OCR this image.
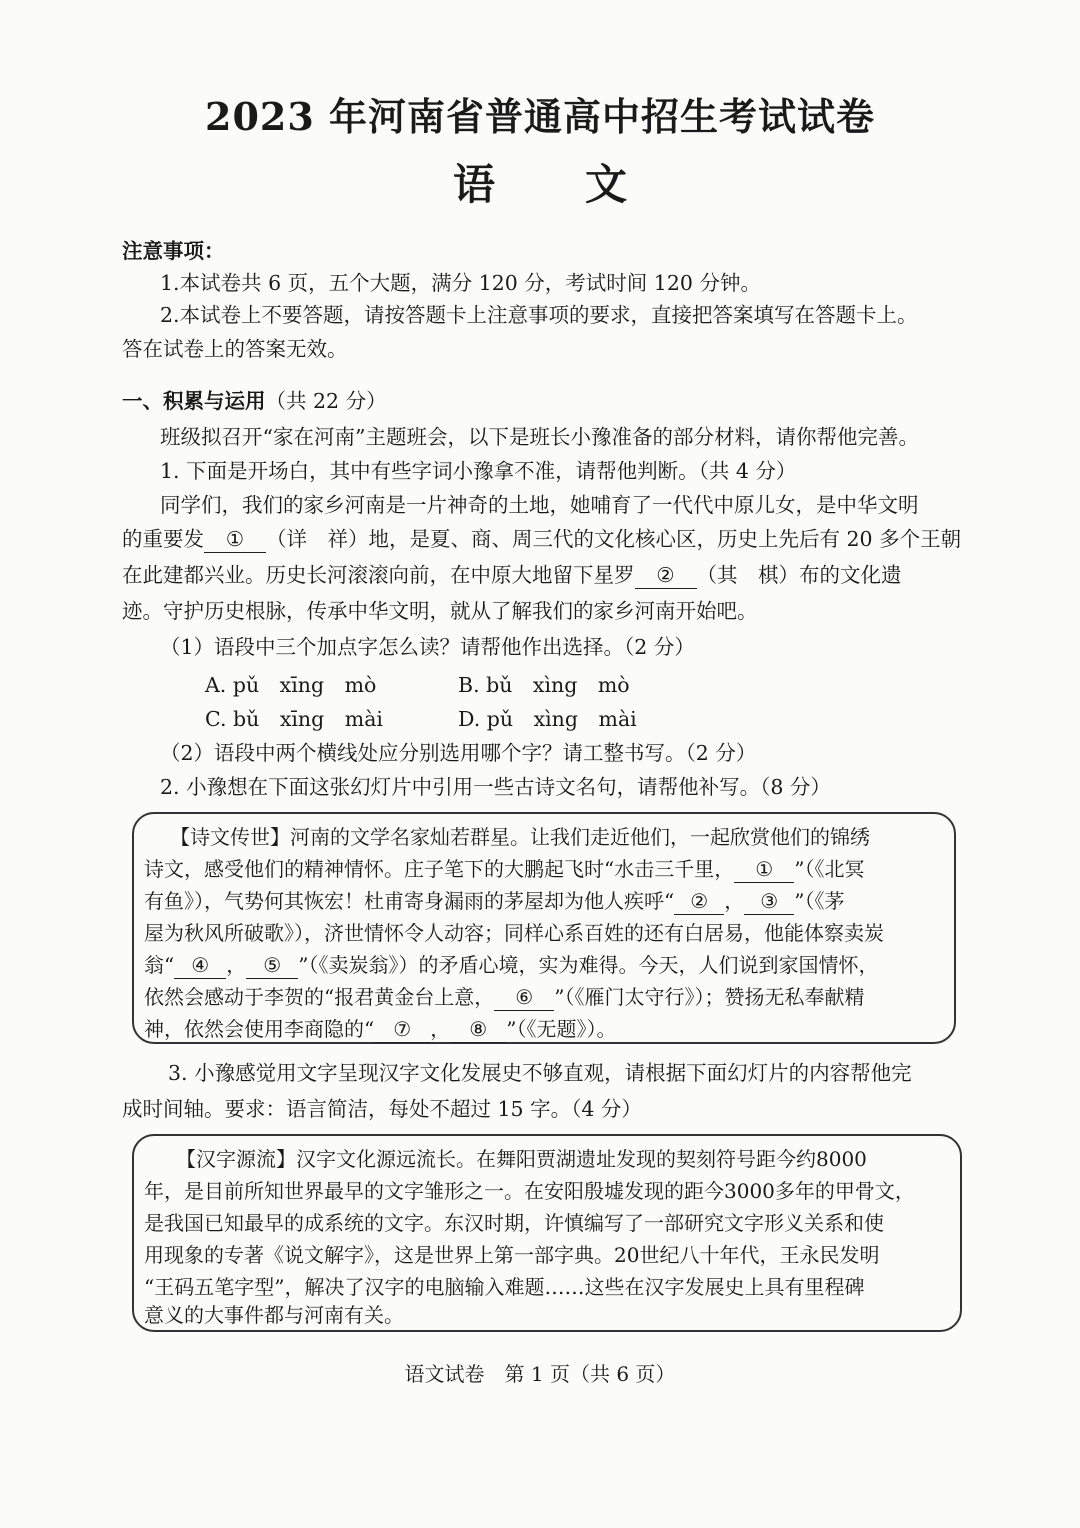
2023 年河南省普通高中招生考试试卷
语文
注意事项：
1.本试卷共 6 页，五个大题，满分 120 分，考试时间 120 分钟。
2.本试卷上不要答题，请按答题卡上注意事项的要求，直接把答案填写在答题卡上。
答在试卷上的答案无效。
一、积累与运用（共 22 分）
班级拟召开“家在河南”主题班会，以下是班长小豫准备的部分材料，请你帮他完善。
1. 下面是开场白，其中有些字词小豫拿不准，请帮他判断。（共 4 分）
同学们，我们的家乡河南是一片神奇的土地，她哺育了一代代中原儿女，是中华文明
的重要发 ① （详　祥）地，是夏、商、周三代的文化核心区，历史上先后有 20 多个王朝
在此建都兴业。历史长河滚滚向前，在中原大地留下星罗 ② （其　棋）布的文化遗
迹。守护历史根脉，传承中华文明，就从了解我们的家乡河南开始吧。
（1）语段中三个加点字怎么读？请帮他作出选择。（2 分）
A. pǔ　xīng　mò	B. bǔ　xìng　mò
C. bǔ　xīng　mài	D. pǔ　xìng　mài
（2）语段中两个横线处应分别选用哪个字？请工整书写。（2 分）
2. 小豫想在下面这张幻灯片中引用一些古诗文名句，请帮他补写。（8 分）
【诗文传世】河南的文学名家灿若群星。让我们走近他们，一起欣赏他们的锦绣
诗文，感受他们的精神情怀。庄子笔下的大鹏起飞时“水击三千里， ① ”（《北冥
有鱼》），气势何其恢宏！杜甫寄身漏雨的茅屋却为他人疾呼“ ② ， ③ ”（《茅
屋为秋风所破歌》），济世情怀令人动容；同样心系百姓的还有白居易，他能体察卖炭
翁“ ④ ， ⑤ ”（《卖炭翁》）的矛盾心境，实为难得。今天，人们说到家国情怀，
依然会感动于李贺的“报君黄金台上意， ⑥ ”（《雁门太守行》）；赞扬无私奉献精
神，依然会使用李商隐的“ ⑦ ， ⑧ ”（《无题》）。
3. 小豫感觉用文字呈现汉字文化发展史不够直观，请根据下面幻灯片的内容帮他完
成时间轴。要求：语言简洁，每处不超过 15 字。（4 分）
【汉字源流】汉字文化源远流长。在舞阳贾湖遗址发现的契刻符号距今约8000
年，是目前所知世界最早的文字雏形之一。在安阳殷墟发现的距今3000多年的甲骨文，
是我国已知最早的成系统的文字。东汉时期，许慎编写了一部研究文字形义关系和使
用现象的专著《说文解字》，这是世界上第一部字典。20世纪八十年代，王永民发明
“王码五笔字型”，解决了汉字的电脑输入难题……这些在汉字发展史上具有里程碑
意义的大事件都与河南有关。
语文试卷　第 1 页（共 6 页）
